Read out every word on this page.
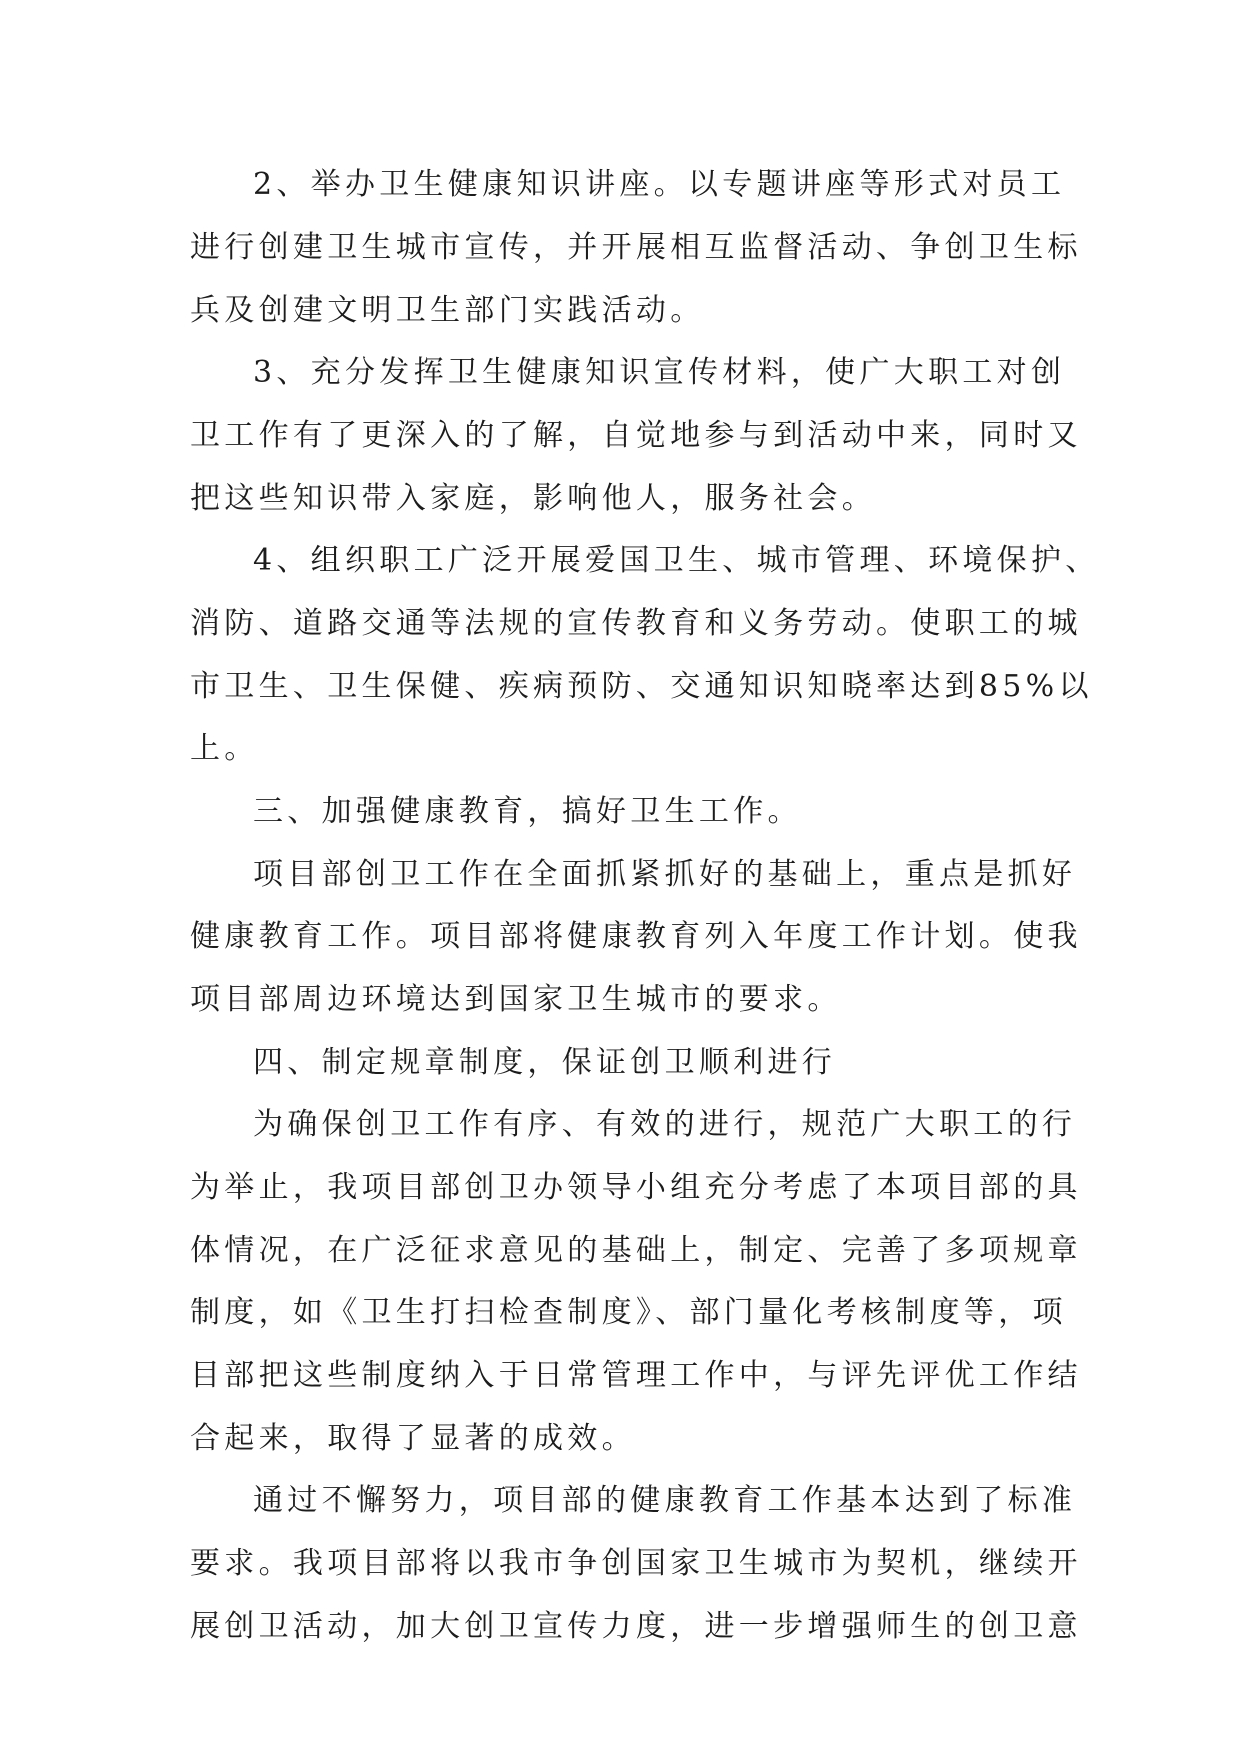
2、举办卫生健康知识讲座。以专题讲座等形式对员工
进行创建卫生城市宣传，并开展相互监督活动、争创卫生标
兵及创建文明卫生部门实践活动。
3、充分发挥卫生健康知识宣传材料，使广大职工对创
卫工作有了更深入的了解，自觉地参与到活动中来，同时又
把这些知识带入家庭，影响他人，服务社会。
4、组织职工广泛开展爱国卫生、城市管理、环境保护、
消防、道路交通等法规的宣传教育和义务劳动。使职工的城
市卫生、卫生保健、疾病预防、交通知识知晓率达到85%以
上。
三、加强健康教育，搞好卫生工作。
项目部创卫工作在全面抓紧抓好的基础上，重点是抓好
健康教育工作。项目部将健康教育列入年度工作计划。使我
项目部周边环境达到国家卫生城市的要求。
四、制定规章制度，保证创卫顺利进行
为确保创卫工作有序、有效的进行，规范广大职工的行
为举止，我项目部创卫办领导小组充分考虑了本项目部的具
体情况，在广泛征求意见的基础上，制定、完善了多项规章
制度，如《卫生打扫检查制度》、部门量化考核制度等，项
目部把这些制度纳入于日常管理工作中，与评先评优工作结
合起来，取得了显著的成效。
通过不懈努力，项目部的健康教育工作基本达到了标准
要求。我项目部将以我市争创国家卫生城市为契机，继续开
展创卫活动，加大创卫宣传力度，进一步增强师生的创卫意
